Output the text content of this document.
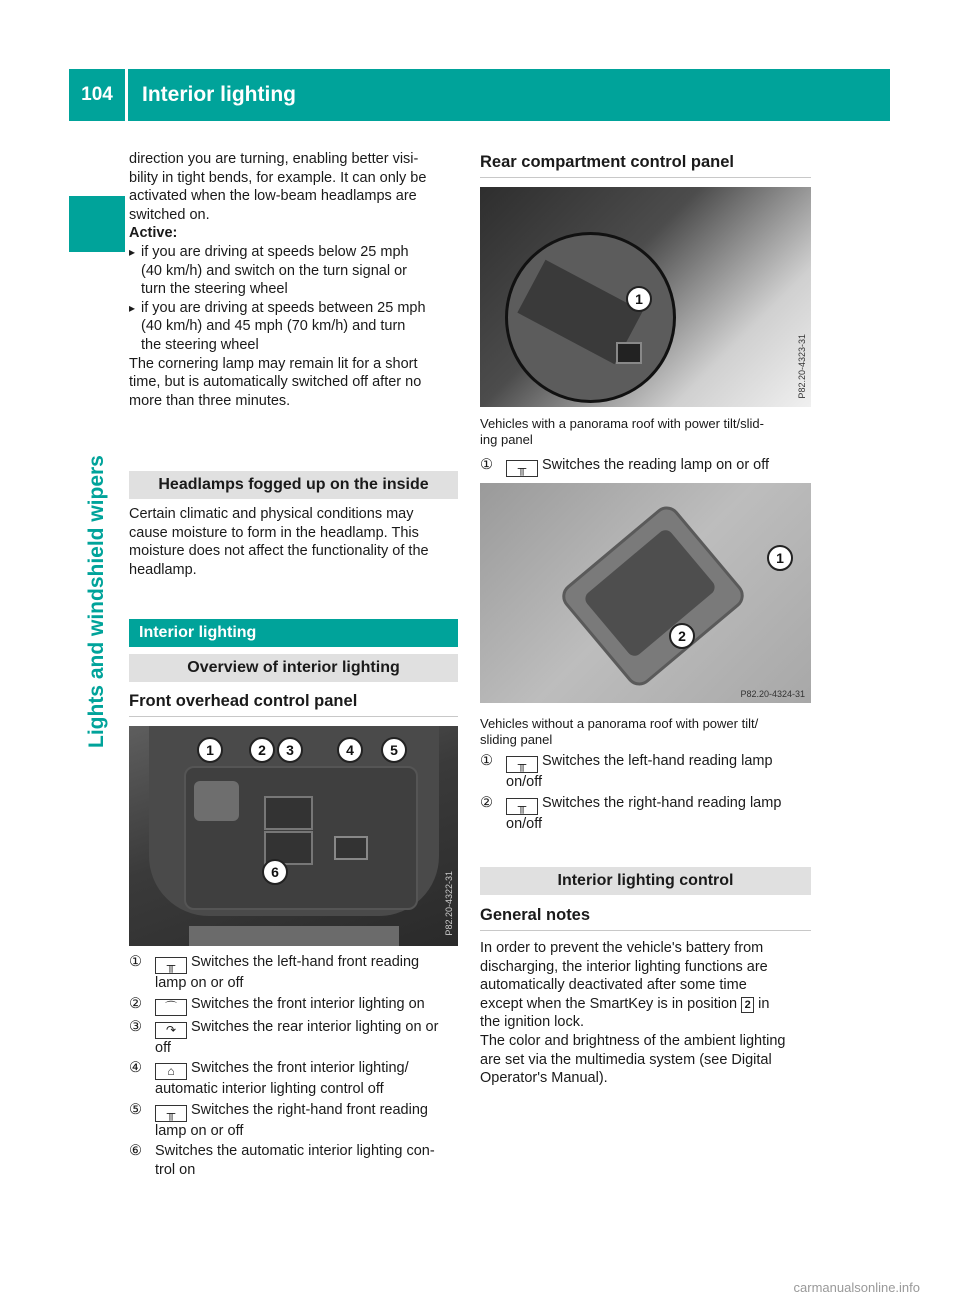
104	Interior lighting
Lights and windshield wipers

direction you are turning, enabling better visi-

bility in tight bends, for example. It can only be

activated when the low-beam headlamps are

switched on.

Active:

▸ if you are driving at speeds below 25 mph
(40 km/h) and switch on the turn signal or
turn the steering wheel
▸ if you are driving at speeds between 25 mph
(40 km/h) and 45 mph (70 km/h) and turn
the steering wheel

The cornering lamp may remain lit for a short

time, but is automatically switched off after no

more than three minutes.

Headlamps fogged up on the inside

Certain climatic and physical conditions may

cause moisture to form in the headlamp. This

moisture does not affect the functionality of the

headlamp.

Interior lighting
Overview of interior lighting
Front overhead control panel
1	2	3	4	5
6	P82.20-4322-31
①	╥ Switches the left-hand front reading
lamp on or off
②	⌒ Switches the front interior lighting on
③	↷ Switches the rear interior lighting on or
off
④	⌂ Switches the front interior lighting/
automatic interior lighting control off
⑤	╥ Switches the right-hand front reading
lamp on or off
⑥ Switches the automatic interior lighting con-
trol on
Rear compartment control panel
1
P82.20-4323-31

Vehicles with a panorama roof with power tilt/slid-

ing panel

①	╥ Switches the reading lamp on or off
1
2
P82.20-4324-31

Vehicles without a panorama roof with power tilt/

sliding panel

①	╥ Switches the left-hand reading lamp
on/off
②	╥ Switches the right-hand reading lamp
on/off
Interior lighting control
General notes

In order to prevent the vehicle's battery from

discharging, the interior lighting functions are

automatically deactivated after some time

except when the SmartKey is in position 2 in

the ignition lock.

The color and brightness of the ambient lighting

are set via the multimedia system (see Digital

Operator's Manual).

carmanualsonline.info
